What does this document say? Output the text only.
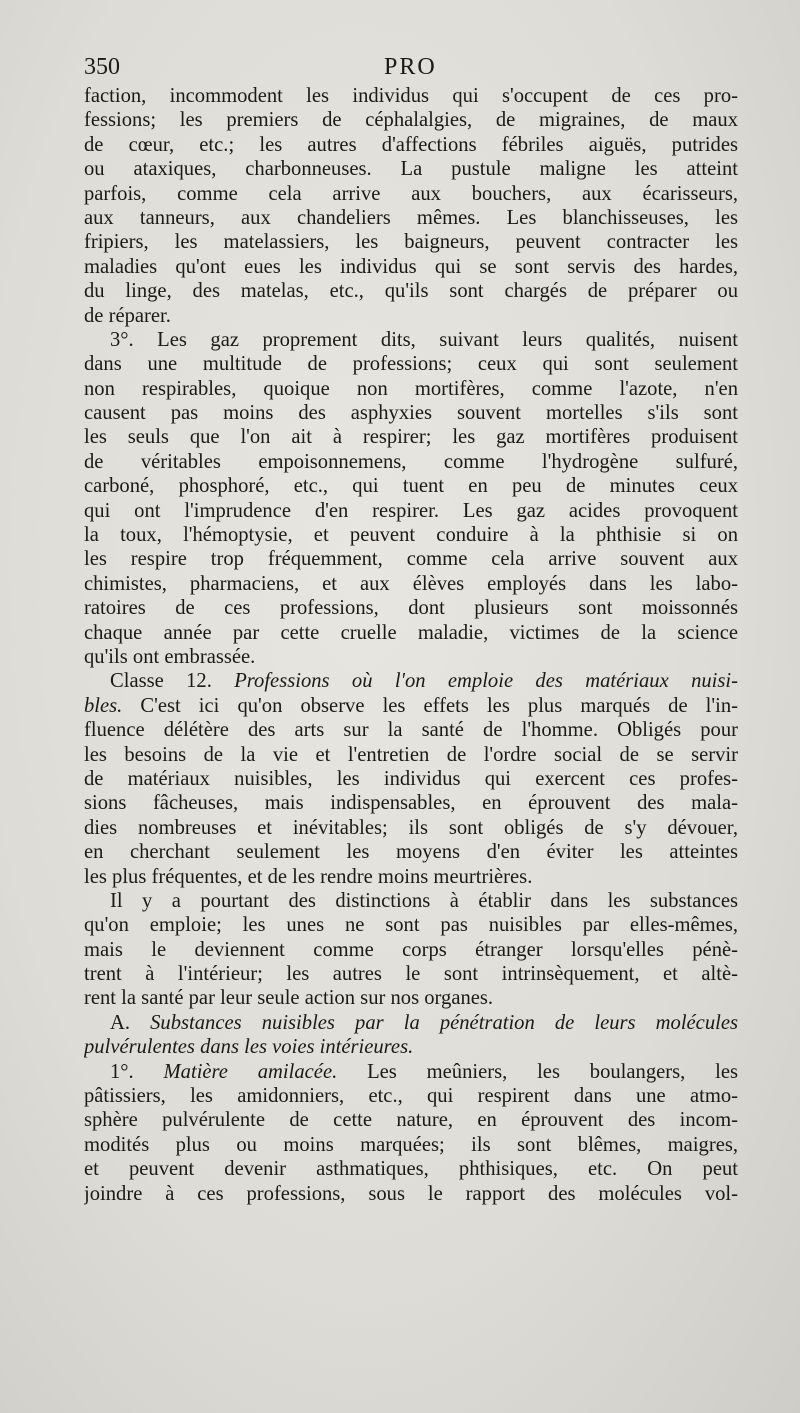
350	PRO
faction, incommodent les individus qui s'occupent de ces pro-
fessions; les premiers de céphalalgies, de migraines, de maux
de cœur, etc.; les autres d'affections fébriles aiguës, putrides
ou ataxiques, charbonneuses. La pustule maligne les atteint
parfois, comme cela arrive aux bouchers, aux écarisseurs,
aux tanneurs, aux chandeliers mêmes. Les blanchisseuses, les
fripiers, les matelassiers, les baigneurs, peuvent contracter les
maladies qu'ont eues les individus qui se sont servis des hardes,
du linge, des matelas, etc., qu'ils sont chargés de préparer ou
de réparer.
3°. Les gaz proprement dits, suivant leurs qualités, nuisent
dans une multitude de professions; ceux qui sont seulement
non respirables, quoique non mortifères, comme l'azote, n'en
causent pas moins des asphyxies souvent mortelles s'ils sont
les seuls que l'on ait à respirer; les gaz mortifères produisent
de véritables empoisonnemens, comme l'hydrogène sulfuré,
carboné, phosphoré, etc., qui tuent en peu de minutes ceux
qui ont l'imprudence d'en respirer. Les gaz acides provoquent
la toux, l'hémoptysie, et peuvent conduire à la phthisie si on
les respire trop fréquemment, comme cela arrive souvent aux
chimistes, pharmaciens, et aux élèves employés dans les labo-
ratoires de ces professions, dont plusieurs sont moissonnés
chaque année par cette cruelle maladie, victimes de la science
qu'ils ont embrassée.
Classe 12. Professions où l'on emploie des matériaux nuisi-
bles. C'est ici qu'on observe les effets les plus marqués de l'in-
fluence délétère des arts sur la santé de l'homme. Obligés pour
les besoins de la vie et l'entretien de l'ordre social de se servir
de matériaux nuisibles, les individus qui exercent ces profes-
sions fâcheuses, mais indispensables, en éprouvent des mala-
dies nombreuses et inévitables; ils sont obligés de s'y dévouer,
en cherchant seulement les moyens d'en éviter les atteintes
les plus fréquentes, et de les rendre moins meurtrières.
Il y a pourtant des distinctions à établir dans les substances
qu'on emploie; les unes ne sont pas nuisibles par elles-mêmes,
mais le deviennent comme corps étranger lorsqu'elles pénè-
trent à l'intérieur; les autres le sont intrinsèquement, et altè-
rent la santé par leur seule action sur nos organes.
A. Substances nuisibles par la pénétration de leurs molécules
pulvérulentes dans les voies intérieures.
1°. Matière amilacée. Les meûniers, les boulangers, les
pâtissiers, les amidonniers, etc., qui respirent dans une atmo-
sphère pulvérulente de cette nature, en éprouvent des incom-
modités plus ou moins marquées; ils sont blêmes, maigres,
et peuvent devenir asthmatiques, phthisiques, etc. On peut
joindre à ces professions, sous le rapport des molécules vol-
